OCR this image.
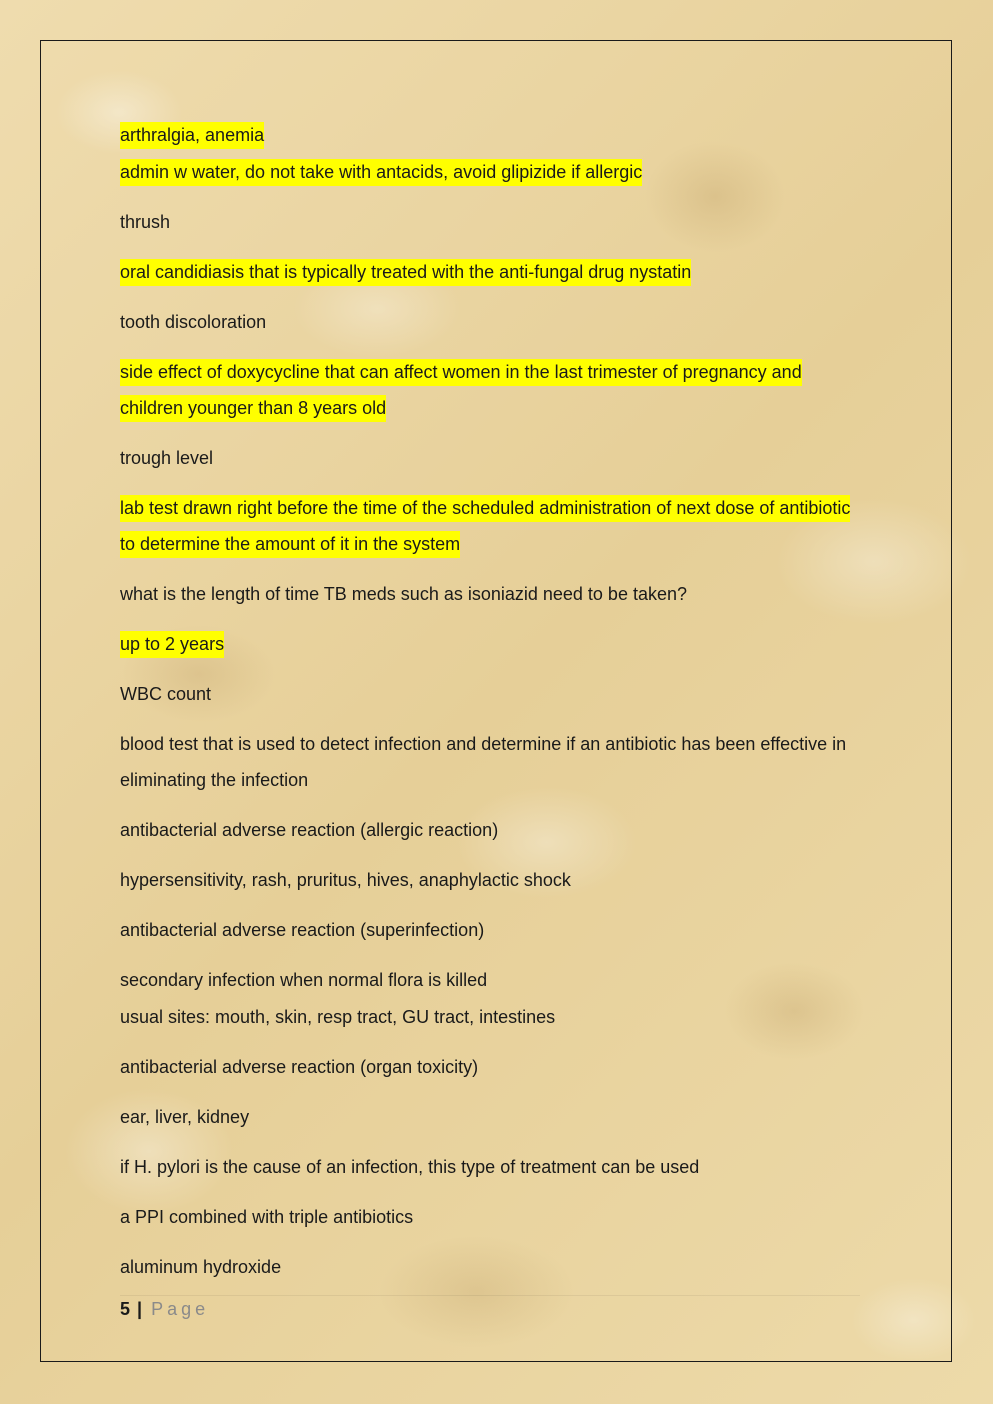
arthralgia, anemia

admin w water, do not take with antacids, avoid glipizide if allergic

thrush

oral candidiasis that is typically treated with the anti-fungal drug nystatin

tooth discoloration

side effect of doxycycline that can affect women in the last trimester of pregnancy and children younger than 8 years old

trough level

lab test drawn right before the time of the scheduled administration of next dose of antibiotic to determine the amount of it in the system

what is the length of time TB meds such as isoniazid need to be taken?

up to 2 years

WBC count

blood test that is used to detect infection and determine if an antibiotic has been effective in eliminating the infection

antibacterial adverse reaction (allergic reaction)

hypersensitivity, rash, pruritus, hives, anaphylactic shock

antibacterial adverse reaction (superinfection)

secondary infection when normal flora is killed

usual sites: mouth, skin, resp tract, GU tract, intestines

antibacterial adverse reaction (organ toxicity)

ear, liver, kidney

if H. pylori is the cause of an infection, this type of treatment can be used

a PPI combined with triple antibiotics

aluminum hydroxide

5 | Page
